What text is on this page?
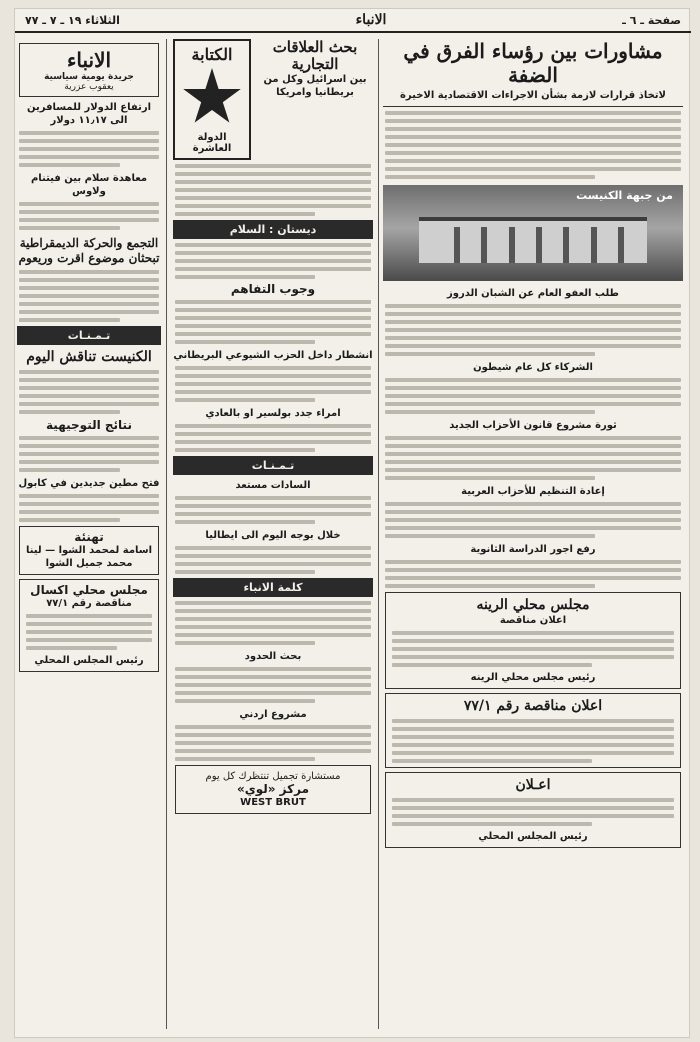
صفحة ـ ٦ ـ
الانباء
الثلاثاء ١٩ ـ ٧ ـ ٧٧
مشاورات بين رؤساء الفرق في الضفة
لاتخاذ قرارات لازمة بشأن الاجراءات الاقتصادية الاخيرة
من جبهة الكنيست
طلب العفو العام عن الشبان الدروز
الشركاء كل عام شيطون
ثورة مشروع قانون الأحزاب الجديد
إعادة التنظيم للأحزاب العربية
رفع اجور الدراسة الثانوية
مجلس محلي الرينه
اعلان مناقصة
رئيس مجلس محلي الرينه
اعلان مناقصة رقم ٧٧/١
اعـلان
رئيس المجلس المحلي
بحث العلاقات التجارية
بين اسرائيل وكل من بريطانيا وامريكا
الكتابة
الدولة العاشرة
ديستان : السلام
وجوب التفاهم
انشطار داخل الحزب الشيوعي البريطاني
امراء جدد بولسير او بالعادي
تـمـنـات
السادات مستعد
خلال بوجه اليوم الى ايطاليا
كلمة الانباء
بحث الحدود
مشروع اردني
مستشارة تجميل تنتظرك كل يوم
مركز «لوي»
WEST BRUT
الانباء
جريدة يومية سياسية
يعقوب عزرية
ارتفاع الدولار للمسافرين الى ١١٫١٧ دولار
معاهدة سلام بين فيتنام ولاوس
التجمع والحركة الديمقراطية تبحثان موضوع اقرت وريعوم
تـمـنـات
الكنيست تناقش اليوم
نتائج التوجيهية
فتح مطين جديدين في كابول
تهنئة
اسامة لمحمد الشوا — لينا محمد جميل الشوا
مجلس محلي اكسال
مناقصة رقم ٧٧/١
رئيس المجلس المحلي
